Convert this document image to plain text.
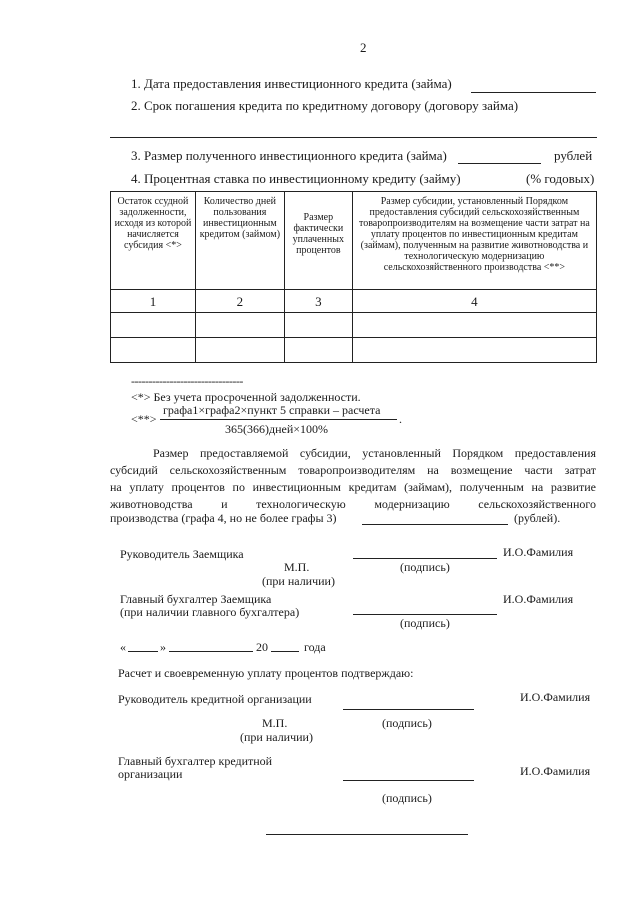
2
1. Дата предоставления инвестиционного кредита (займа)
2. Срок погашения кредита по кредитному договору (договору займа)
3. Размер полученного инвестиционного кредита (займа)	рублей
4. Процентная ставка по инвестиционному кредиту (займу)	(% годовых)
Остаток ссудной задолженности, исходя из которой начисляется субсидия <*>	Количество дней пользования инвестиционным кредитом (займом)	Размер фактически уплаченных процентов	Размер субсидии, установленный Порядком предоставления субсидий сельскохозяйственным товаропроизводителям на возмещение части затрат на уплату процентов по инвестиционным кредитам (займам), полученным на развитие животноводства и технологическую модернизацию сельскохозяйственного производства <**>
1	2	3	4

--------------------------------
<*> Без учета просроченной задолженности.
<**>
графа1×графа2×пункт 5 справки – расчета
365(366)дней×100%
.
Размер предоставляемой субсидии, установленный Порядком предоставления
субсидий сельскохозяйственным товаропроизводителям на возмещение части затрат
на уплату процентов по инвестиционным кредитам (займам), полученным на развитие
животноводства и технологическую модернизацию сельскохозяйственного
производства (графа 4, но не более графы 3)	(рублей).
Руководитель Заемщика	И.О.Фамилия
М.П.	(подпись)
(при наличии)
Главный бухгалтер Заемщика	И.О.Фамилия
(при наличии главного бухгалтера)
(подпись)
«	»	20	года
Расчет и своевременную уплату процентов подтверждаю:
Руководитель кредитной организации	И.О.Фамилия
М.П.	(подпись)
(при наличии)
Главный бухгалтер кредитной
организации	И.О.Фамилия
(подпись)
